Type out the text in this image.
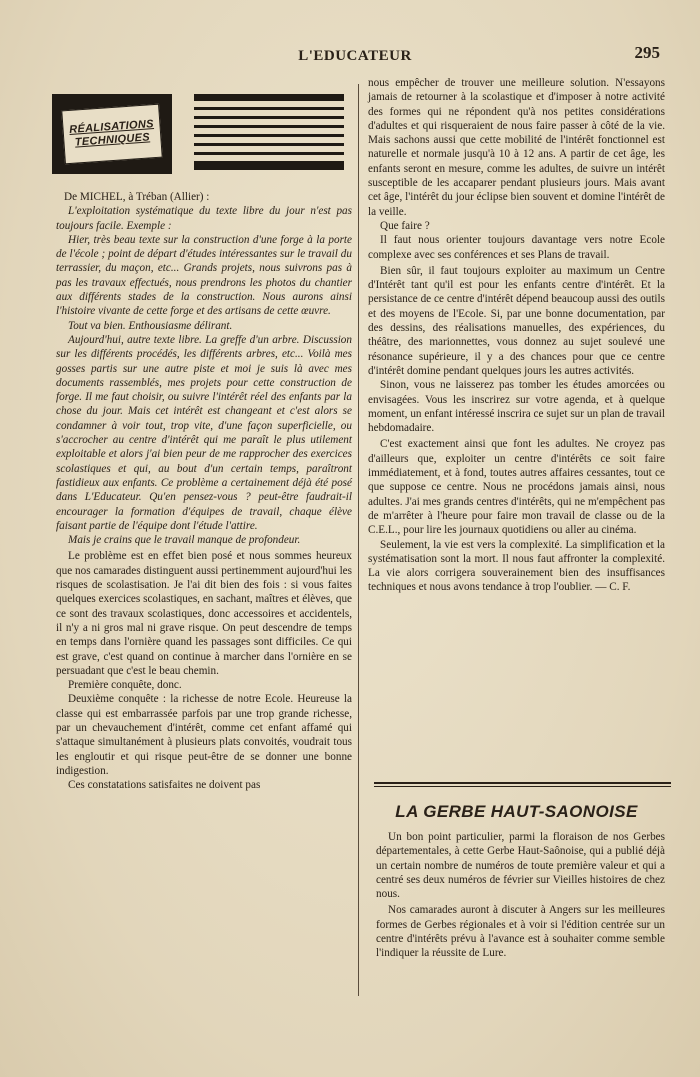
L'EDUCATEUR	295
RÉALISATIONS
TECHNIQUES

De MICHEL, à Tréban (Allier) :

L'exploitation systématique du texte libre du jour n'est pas toujours facile. Exemple :

Hier, très beau texte sur la construction d'une forge à la porte de l'école ; point de départ d'études intéressantes sur le travail du terrassier, du maçon, etc... Grands projets, nous suivrons pas à pas les travaux effectués, nous prendrons les photos du chantier aux différents stades de la construction. Nous aurons ainsi l'histoire vivante de cette forge et des artisans de cette œuvre.

Tout va bien. Enthousiasme délirant.

Aujourd'hui, autre texte libre. La greffe d'un arbre. Discussion sur les différents procédés, les différents arbres, etc... Voilà mes gosses partis sur une autre piste et moi je suis là avec mes documents rassemblés, mes projets pour cette construction de forge. Il me faut choisir, ou suivre l'intérêt réel des enfants par la chose du jour. Mais cet intérêt est changeant et c'est alors se condamner à voir tout, trop vite, d'une façon superficielle, ou s'accrocher au centre d'intérêt qui me paraît le plus utilement exploitable et alors j'ai bien peur de me rapprocher des exercices scolastiques et qui, au bout d'un certain temps, paraîtront fastidieux aux enfants. Ce problème a certainement déjà été posé dans L'Educateur. Qu'en pensez-vous ? peut-être faudrait-il encourager la formation d'équipes de travail, chaque élève faisant partie de l'équipe dont l'étude l'attire.

Mais je crains que le travail manque de profondeur.

Le problème est en effet bien posé et nous sommes heureux que nos camarades distinguent aussi pertinemment aujourd'hui les risques de scolastisation. Je l'ai dit bien des fois : si vous faites quelques exercices scolastiques, en sachant, maîtres et élèves, que ce sont des travaux scolastiques, donc accessoires et accidentels, il n'y a ni gros mal ni grave risque. On peut descendre de temps en temps dans l'ornière quand les passages sont difficiles. Ce qui est grave, c'est quand on continue à marcher dans l'ornière en se persuadant que c'est le beau chemin.

Première conquête, donc.

Deuxième conquête : la richesse de notre Ecole. Heureuse la classe qui est embarrassée parfois par une trop grande richesse, par un chevauchement d'intérêt, comme cet enfant affamé qui s'attaque simultanément à plusieurs plats convoités, voudrait tous les engloutir et qui risque peut-être de se donner une bonne indigestion.

Ces constatations satisfaites ne doivent pas

nous empêcher de trouver une meilleure solution. N'essayons jamais de retourner à la scolastique et d'imposer à notre activité des formes qui ne répondent qu'à nos petites considérations d'adultes et qui risqueraient de nous faire passer à côté de la vie. Mais sachons aussi que cette mobilité de l'intérêt fonctionnel est naturelle et normale jusqu'à 10 à 12 ans. A partir de cet âge, les enfants seront en mesure, comme les adultes, de suivre un intérêt susceptible de les accaparer pendant plusieurs jours. Mais avant cet âge, l'intérêt du jour éclipse bien souvent et domine l'intérêt de la veille.

Que faire ?

Il faut nous orienter toujours davantage vers notre Ecole complexe avec ses conférences et ses Plans de travail.

Bien sûr, il faut toujours exploiter au maximum un Centre d'Intérêt tant qu'il est pour les enfants centre d'intérêt. Et la persistance de ce centre d'intérêt dépend beaucoup aussi des outils et des moyens de l'Ecole. Si, par une bonne documentation, par des dessins, des réalisations manuelles, des expériences, du théâtre, des marionnettes, vous donnez au sujet soulevé une résonance supérieure, il y a des chances pour que ce centre d'intérêt domine pendant quelques jours les autres activités.

Sinon, vous ne laisserez pas tomber les études amorcées ou envisagées. Vous les inscrirez sur votre agenda, et à quelque moment, un enfant intéressé inscrira ce sujet sur un plan de travail hebdomadaire.

C'est exactement ainsi que font les adultes. Ne croyez pas d'ailleurs que, exploiter un centre d'intérêts ce soit faire immédiatement, et à fond, toutes autres affaires cessantes, tout ce que suppose ce centre. Nous ne procédons jamais ainsi, nous adultes. J'ai mes grands centres d'intérêts, qui ne m'empêchent pas de m'arrêter à l'heure pour faire mon travail de classe ou de la C.E.L., pour lire les journaux quotidiens ou aller au cinéma.

Seulement, la vie est vers la complexité. La simplification et la systématisation sont la mort. Il nous faut affronter la complexité. La vie alors corrigera souverainement bien des insuffisances techniques et nous avons tendance à trop l'oublier. — C. F.

LA GERBE HAUT-SAONOISE

Un bon point particulier, parmi la floraison de nos Gerbes départementales, à cette Gerbe Haut-Saônoise, qui a publié déjà un certain nombre de numéros de toute première valeur et qui a centré ses deux numéros de février sur Vieilles histoires de chez nous.

Nos camarades auront à discuter à Angers sur les meilleures formes de Gerbes régionales et à voir si l'édition centrée sur un centre d'intérêts prévu à l'avance est à souhaiter comme semble l'indiquer la réussite de Lure.
